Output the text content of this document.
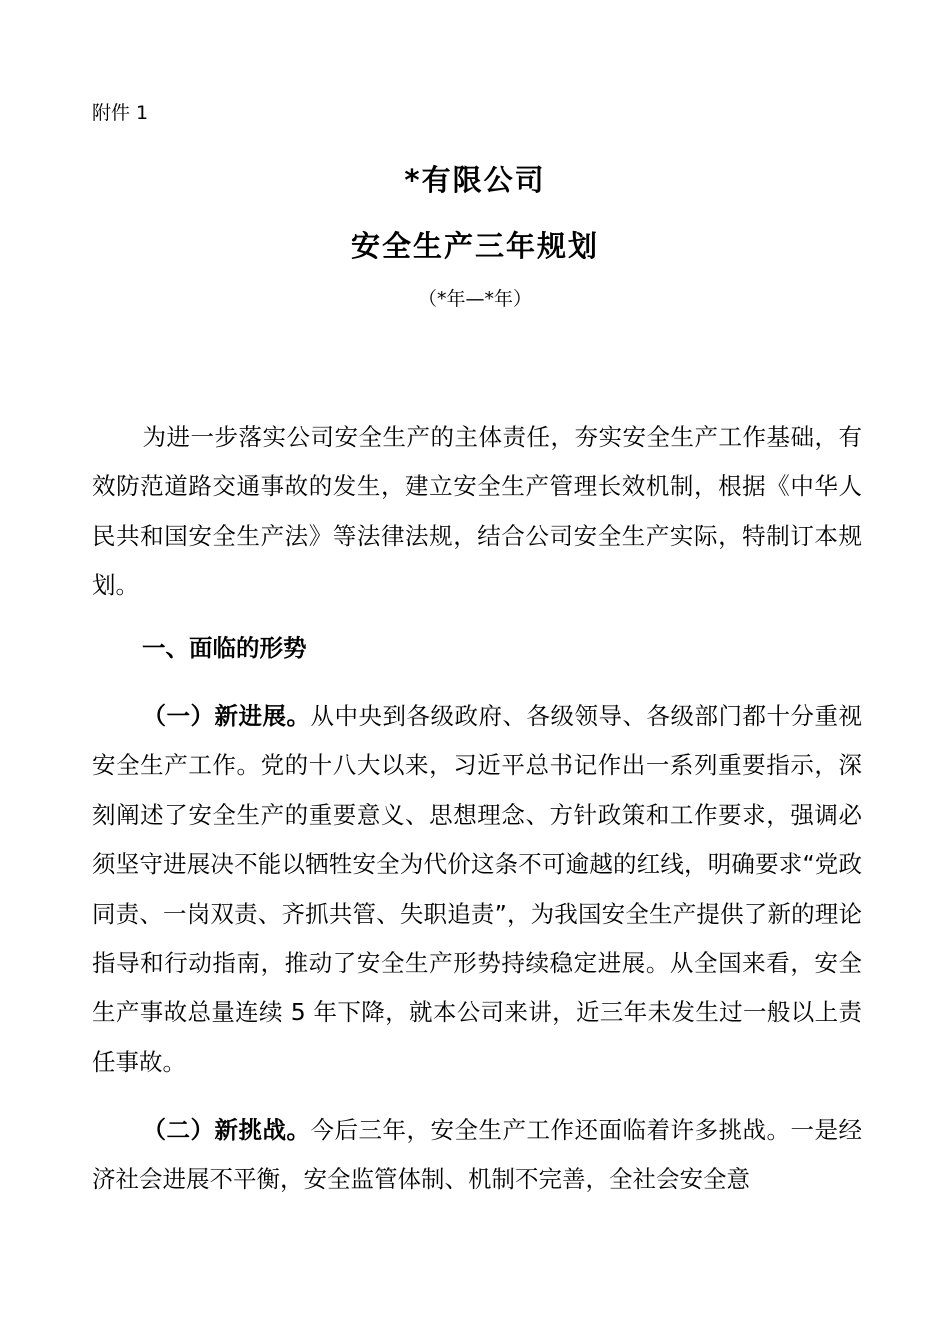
附件 1
*有限公司
安全生产三年规划
（*年—*年）
为进一步落实公司安全生产的主体责任，夯实安全生产工作基础，有效防范道路交通事故的发生，建立安全生产管理长效机制，根据《中华人民共和国安全生产法》等法律法规，结合公司安全生产实际，特制订本规划。
一、面临的形势
（一）新进展。从中央到各级政府、各级领导、各级部门都十分重视安全生产工作。党的十八大以来，习近平总书记作出一系列重要指示，深刻阐述了安全生产的重要意义、思想理念、方针政策和工作要求，强调必须坚守进展决不能以牺牲安全为代价这条不可逾越的红线，明确要求“党政同责、一岗双责、齐抓共管、失职追责”，为我国安全生产提供了新的理论指导和行动指南，推动了安全生产形势持续稳定进展。从全国来看，安全生产事故总量连续 5 年下降，就本公司来讲，近三年未发生过一般以上责任事故。
（二）新挑战。今后三年，安全生产工作还面临着许多挑战。一是经济社会进展不平衡，安全监管体制、机制不完善，全社会安全意
